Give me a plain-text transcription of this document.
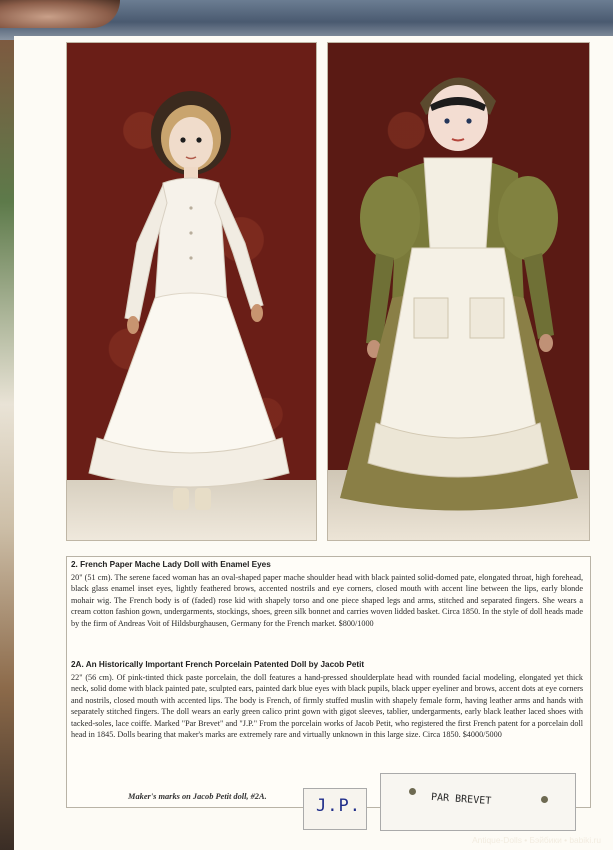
2. French Paper Mache Lady Doll with Enamel Eyes

20" (51 cm). The serene faced woman has an oval-shaped paper mache shoulder head with black painted solid-domed pate, elongated throat, high forehead, black glass enamel inset eyes, lightly feathered brows, accented nostrils and eye corners, closed mouth with accent line between the lips, early blonde mohair wig. The French body is of (faded) rose kid with shapely torso and one piece shaped legs and arms, stitched and separated fingers. She wears a cream cotton fashion gown, undergarments, stockings, shoes, green silk bonnet and carries woven lidded basket. Circa 1850. In the style of doll heads made by the firm of Andreas Voit of Hildsburghausen, Germany for the French market. $800/1000

2A. An Historically Important French Porcelain Patented Doll by Jacob Petit

22" (56 cm). Of pink-tinted thick paste porcelain, the doll features a hand-pressed shoulderplate head with rounded facial modeling, elongated yet thick neck, solid dome with black painted pate, sculpted ears, painted dark blue eyes with black pupils, black upper eyeliner and brows, accent dots at eye corners and nostrils, closed mouth with accented lips. The body is French, of firmly stuffed muslin with shapely female form, having leather arms and hands with separately stitched fingers. The doll wears an early green calico print gown with gigot sleeves, tablier, undergarments, early black leather laced shoes with tacked-soles, lace coiffe. Marked "Par Brevet" and "J.P." From the porcelain works of Jacob Petit, who registered the first French patent for a porcelain doll head in 1845. Dolls bearing that maker's marks are extremely rare and virtually unknown in this large size. Circa 1850. $4000/5000

Maker's marks on Jacob Petit doll, #2A.	J.P.	PAR BREVET
Antique-Dolls • Бэйбики • babiki.ru
